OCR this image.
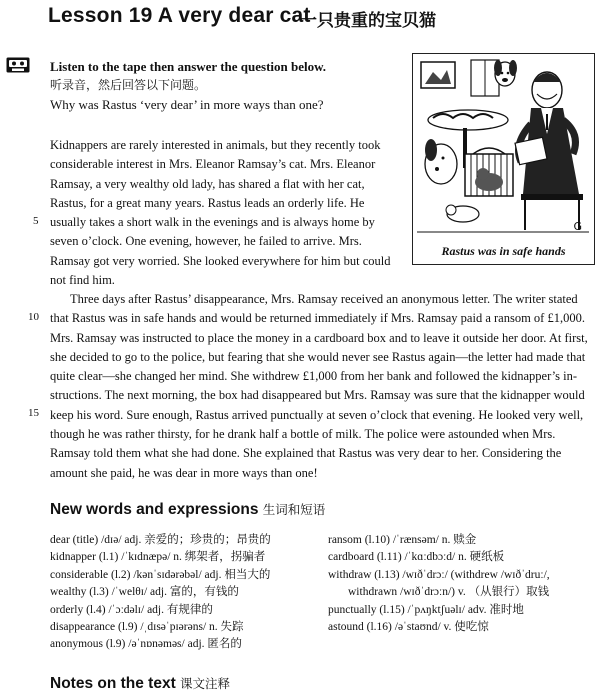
Lesson 19 A very dear cat
一只贵重的宝贝猫
Listen to the tape then answer the question below.
听录音，然后回答以下问题。
Why was Rastus ‘very dear’ in more ways than one?
G
Rastus was in safe hands
Kidnappers are rarely interested in animals, but they recently took
considerable interest in Mrs. Eleanor Ramsay’s cat. Mrs. Eleanor
Ramsay, a very wealthy old lady, has shared a flat with her cat,
Rastus, for a great many years. Rastus leads an orderly life. He
usually takes a short walk in the evenings and is always home by
seven o’clock. One evening, however, he failed to arrive. Mrs.
Ramsay got very worried. She looked everywhere for him but could
not find him.
5
10
15
Three days after Rastus’ disappearance, Mrs. Ramsay received an anonymous letter. The writer stated
that Rastus was in safe hands and would be returned immediately if Mrs. Ramsay paid a ransom of £1,000.
Mrs. Ramsay was instructed to place the money in a cardboard box and to leave it outside her door. At first,
she decided to go to the police, but fearing that she would never see Rastus again—the letter had made that
quite clear—she changed her mind. She withdrew £1,000 from her bank and followed the kidnapper’s in-
structions. The next morning, the box had disappeared but Mrs. Ramsay was sure that the kidnapper would
keep his word. Sure enough, Rastus arrived punctually at seven o’clock that evening. He looked very well,
though he was rather thirsty, for he drank half a bottle of milk. The police were astounded when Mrs.
Ramsay told them what she had done. She explained that Rastus was very dear to her. Considering the
amount she paid, he was dear in more ways than one!
New words and expressions 生词和短语
dear (title) /dɪə/ adj. 亲爱的；珍贵的；昂贵的
kidnapper (l.1) /ˈkɪdnæpə/ n. 绑架者，拐骗者
considerable (l.2) /kənˈsɪdərəbəl/ adj. 相当大的
wealthy (l.3) /ˈwelθɪ/ adj. 富的，有钱的
orderly (l.4) /ˈɔːdəlɪ/ adj. 有规律的
disappearance (l.9) /ˌdɪsəˈpɪərəns/ n. 失踪
anonymous (l.9) /əˈnɒnəməs/ adj. 匿名的
ransom (l.10) /ˈrænsəm/ n. 赎金
cardboard (l.11) /ˈkɑːdbɔːd/ n. 硬纸板
withdraw (l.13) /wɪðˈdrɔː/ (withdrew /wɪðˈdruː/,
withdrawn /wɪðˈdrɔːn/) v. （从银行）取钱
punctually (l.15) /ˈpʌŋktʃuəlɪ/ adv. 准时地
astound (l.16) /əˈstaʊnd/ v. 使吃惊
Notes on the text 课文注释
